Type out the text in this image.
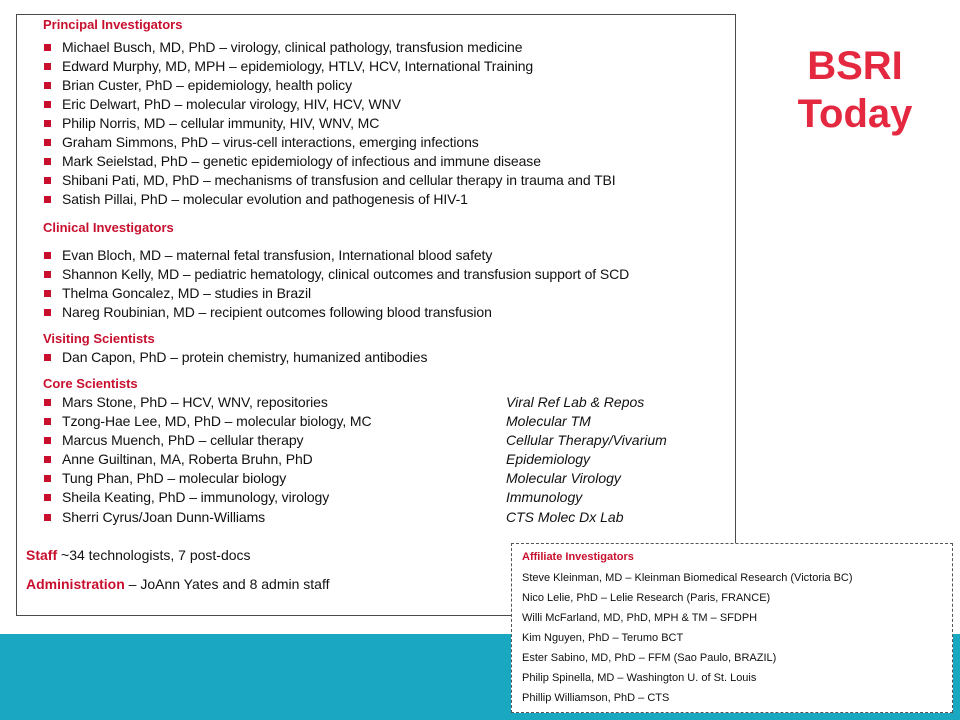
Principal Investigators
Michael Busch, MD, PhD – virology, clinical pathology, transfusion medicine
Edward Murphy, MD, MPH – epidemiology, HTLV, HCV, International Training
Brian Custer, PhD – epidemiology, health policy
Eric Delwart, PhD – molecular virology, HIV, HCV, WNV
Philip Norris, MD – cellular immunity, HIV, WNV, MC
Graham Simmons, PhD – virus-cell interactions, emerging infections
Mark Seielstad, PhD – genetic epidemiology of infectious and immune disease
Shibani Pati, MD, PhD – mechanisms of transfusion and cellular therapy in trauma and TBI
Satish Pillai, PhD – molecular evolution and pathogenesis of HIV-1
Clinical Investigators
Evan Bloch, MD – maternal fetal transfusion, International blood safety
Shannon Kelly, MD – pediatric hematology, clinical outcomes and transfusion support of SCD
Thelma Goncalez, MD – studies in Brazil
Nareg Roubinian, MD – recipient outcomes following blood transfusion
Visiting Scientists
Dan Capon, PhD – protein chemistry, humanized antibodies
Core Scientists
Mars Stone, PhD – HCV, WNV, repositories	Viral Ref Lab & Repos
Tzong-Hae Lee, MD, PhD – molecular biology, MC	Molecular TM
Marcus Muench, PhD – cellular therapy	Cellular Therapy/Vivarium
Anne Guiltinan, MA, Roberta Bruhn, PhD	Epidemiology
Tung Phan, PhD – molecular biology	Molecular Virology
Sheila Keating, PhD – immunology, virology	Immunology
Sherri Cyrus/Joan Dunn-Williams	CTS Molec Dx Lab
Staff ~34 technologists, 7 post-docs
Administration – JoAnn Yates and 8 admin staff
BSRI
Today
Affiliate Investigators
Steve Kleinman, MD – Kleinman Biomedical Research (Victoria BC)
Nico Lelie, PhD – Lelie Research (Paris, FRANCE)
Willi McFarland, MD, PhD, MPH & TM – SFDPH
Kim Nguyen, PhD – Terumo BCT
Ester Sabino, MD, PhD – FFM (Sao Paulo, BRAZIL)
Philip Spinella, MD – Washington U. of St. Louis
Phillip Williamson, PhD – CTS
